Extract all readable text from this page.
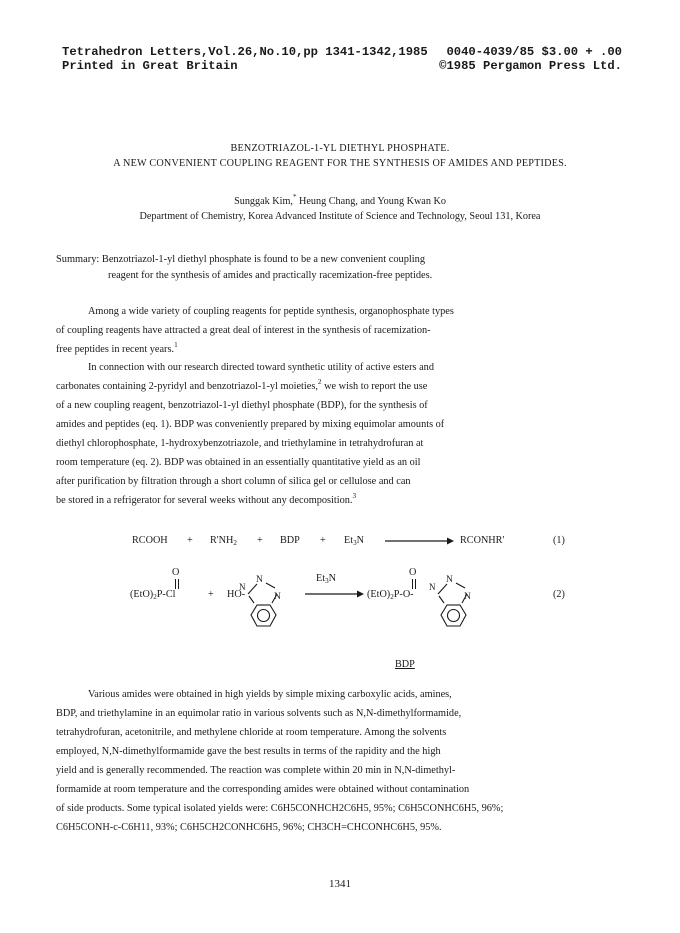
Tetrahedron Letters,Vol.26,No.10,pp 1341-1342,1985
Printed in Great Britain
0040-4039/85 $3.00 + .00
©1985 Pergamon Press Ltd.
BENZOTRIAZOL-1-YL DIETHYL PHOSPHATE.
A NEW CONVENIENT COUPLING REAGENT FOR THE SYNTHESIS OF AMIDES AND PEPTIDES.
Sunggak Kim,* Heung Chang, and Young Kwan Ko
Department of Chemistry, Korea Advanced Institute of Science and Technology, Seoul 131, Korea
Summary: Benzotriazol-1-yl diethyl phosphate is found to be a new convenient coupling
reagent for the synthesis of amides and practically racemization-free peptides.
Among a wide variety of coupling reagents for peptide synthesis, organophosphate types
of coupling reagents have attracted a great deal of interest in the synthesis of racemization-
free peptides in recent years.$^1$
In connection with our research directed toward synthetic utility of active esters and
carbonates containing 2-pyridyl and benzotriazol-1-yl moieties,$^2$ we wish to report the use
of a new coupling reagent, benzotriazol-1-yl diethyl phosphate (BDP), for the synthesis of
amides and peptides (eq. 1). BDP was conveniently prepared by mixing equimolar amounts of
diethyl chlorophosphate, 1-hydroxybenzotriazole, and triethylamine in tetrahydrofuran at
room temperature (eq. 2). BDP was obtained in an essentially quantitative yield as an oil
after purification by filtration through a short column of silica gel or cellulose and can
be stored in a refrigerator for several weeks without any decomposition.$^3$
RCOOH + $R'NH_2$ + BDP + $Et_3N$	RCONHR'	(1)
$(EtO)_2P-Cl$
O
+ HO-
N
N
N
$Et_3N$
$(EtO)_2P-O-$
O
N
N
N
(2)
BDP
Various amides were obtained in high yields by simple mixing carboxylic acids, amines,
BDP, and triethylamine in an equimolar ratio in various solvents such as N,N-dimethylformamide,
tetrahydrofuran, acetonitrile, and methylene chloride at room temperature. Among the solvents
employed, N,N-dimethylformamide gave the best results in terms of the rapidity and the high
yield and is generally recommended. The reaction was complete within 20 min in N,N-dimethyl-
formamide at room temperature and the corresponding amides were obtained without contamination
of side products. Some typical isolated yields were: C6H5CONHCH2C6H5, 95%; C6H5CONHC6H5, 96%;
C6H5CONH-c-C6H11, 93%; C6H5CH2CONHC6H5, 96%; CH3CH=CHCONHC6H5, 95%.
1341
